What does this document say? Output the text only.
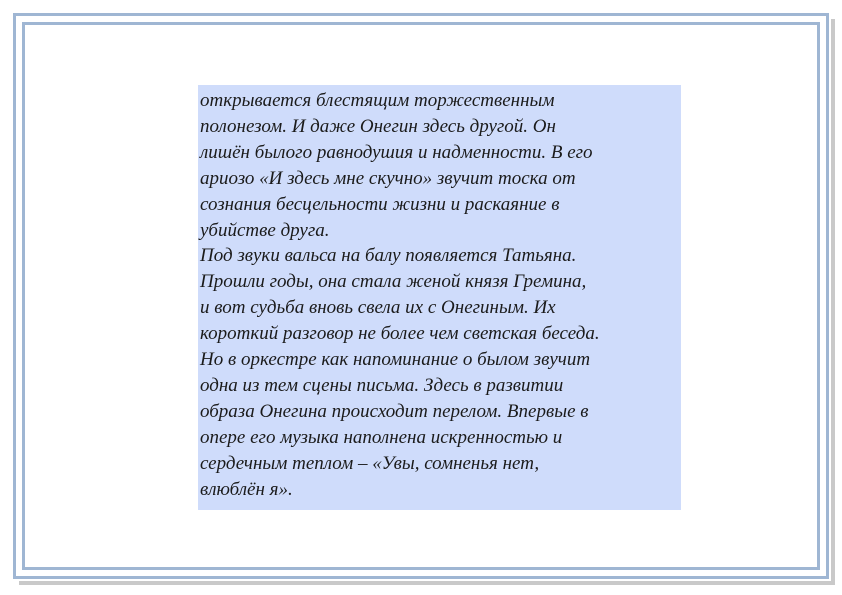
открывается блестящим торжественным
полонезом. И даже Онегин здесь другой. Он
лишён былого равнодушия и надменности. В его
ариозо «И здесь мне скучно» звучит тоска от
сознания бесцельности жизни и раскаяние в
убийстве друга.
Под звуки вальса на балу появляется Татьяна.
Прошли годы, она стала женой князя Гремина,
и вот судьба вновь свела их с Онегиным. Их
короткий разговор не более чем светская беседа.
Но в оркестре как напоминание о былом звучит
одна из тем сцены письма. Здесь в развитии
образа Онегина происходит перелом. Впервые в
опере его музыка наполнена искренностью и
сердечным теплом – «Увы, сомненья нет,
влюблён я».
